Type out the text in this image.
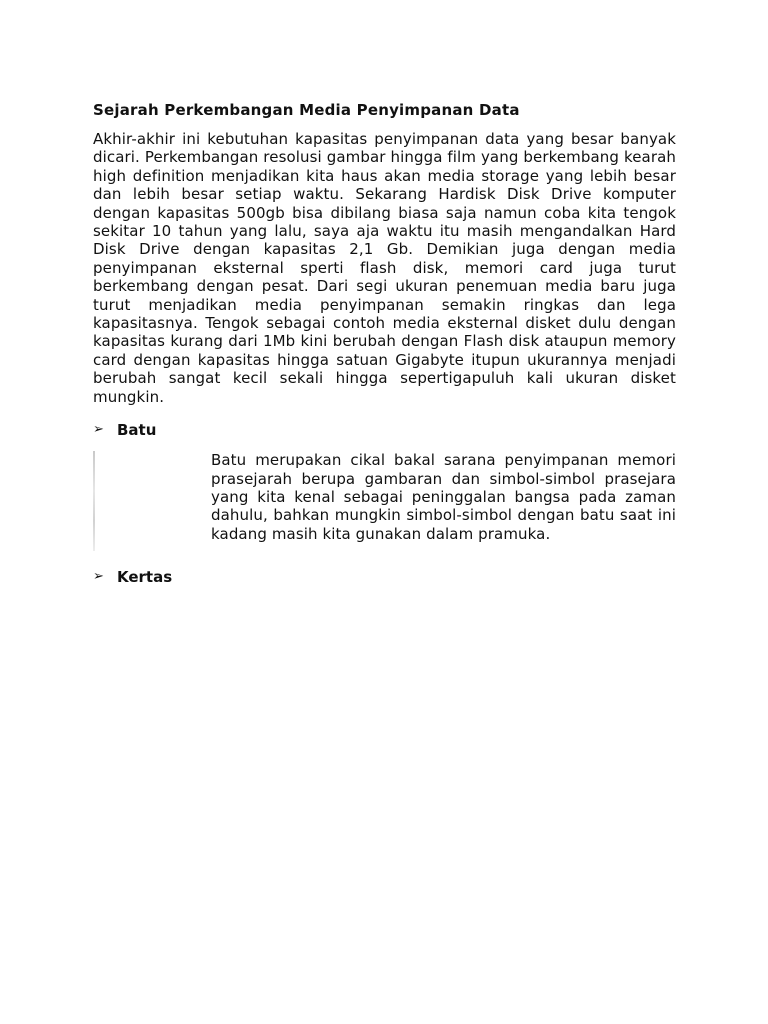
Sejarah Perkembangan Media Penyimpanan Data

Akhir-akhir ini kebutuhan kapasitas penyimpanan data yang besar banyak dicari. Perkembangan resolusi gambar hingga film yang berkembang kearah high definition menjadikan kita haus akan media storage yang lebih besar dan lebih besar setiap waktu. Sekarang Hardisk Disk Drive komputer dengan kapasitas 500gb bisa dibilang biasa saja namun coba kita tengok sekitar 10 tahun yang lalu, saya aja waktu itu masih mengandalkan Hard Disk Drive dengan kapasitas 2,1 Gb. Demikian juga dengan media penyimpanan eksternal sperti flash disk, memori card juga turut berkembang dengan pesat. Dari segi ukuran penemuan media baru juga turut menjadikan media penyimpanan semakin ringkas dan lega kapasitasnya. Tengok sebagai contoh media eksternal disket dulu dengan kapasitas kurang dari 1Mb kini berubah dengan Flash disk ataupun memory card dengan kapasitas hingga satuan Gigabyte itupun ukurannya menjadi berubah sangat kecil sekali hingga sepertigapuluh kali ukuran disket mungkin.

➢ Batu

Batu merupakan cikal bakal sarana penyimpanan memori prasejarah berupa gambaran dan simbol-simbol prasejara yang kita kenal sebagai peninggalan bangsa pada zaman dahulu, bahkan mungkin simbol-simbol dengan batu saat ini kadang masih kita gunakan dalam pramuka.

➢ Kertas
